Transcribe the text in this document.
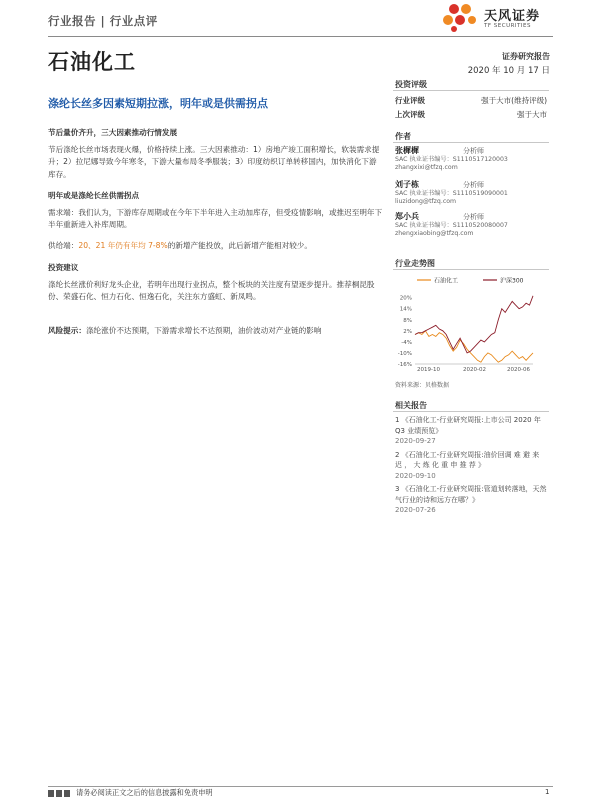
行业报告 | 行业点评	天风证券
TF SECURITIES
石油化工	证券研究报告
2020 年 10 月 17 日
涤纶长丝多因素短期拉涨，明年或是供需拐点

节后量价齐升，三大因素推动行情发展

节后涤纶长丝市场表现火爆，价格持续上涨。三大因素推动：1）房地产竣工面积增长，软装需求提升；2）拉尼娜导致今年寒冬，下游大量布局冬季服装；3）印度纺织订单转移国内，加快消化下游库存。

明年或是涤纶长丝供需拐点

需求端：我们认为，下游库存周期或在今年下半年进入主动加库存，但受疫情影响，或推迟至明年下半年重新进入补库周期。

供给端：20、21 年仍有年均 7-8%的新增产能投放，此后新增产能相对较少。

投资建议

涤纶长丝涨价利好龙头企业，若明年出现行业拐点，整个板块的关注度有望逐步提升。推荐桐昆股份、荣盛石化、恒力石化、恒逸石化，关注东方盛虹、新凤鸣。

风险提示：涤纶涨价不达预期，下游需求增长不达预期，油价波动对产业链的影响

投资评级
行业评级	强于大市(维持评级)
上次评级	强于大市
作者
张樨樨	分析师
SAC 执业证书编号：S1110517120003
zhangxixi@tfzq.com
刘子栋	分析师
SAC 执业证书编号：S1110519090001
liuzidong@tfzq.com
郑小兵	分析师
SAC 执业证书编号：S1110520080007
zhengxiaobing@tfzq.com
行业走势图
石油化工	沪深300
20%
14%
8%
2%
-4%
-10%
-16%
2019-10	2020-02	2020-06
资料来源：贝格数据
相关报告
1 《石油化工-行业研究周报:上市公司 2020 年 Q3 业绩预览》
2020-09-27
2 《石油化工-行业研究周报:油价回调 难 避 来 迟 ， 大 炼 化 重 申 推 荐 》
2020-09-10
3 《石油化工-行业研究周报:管道划转落地，天然气行业的诗和远方在哪？》
2020-07-26
请务必阅读正文之后的信息披露和免责申明	1
